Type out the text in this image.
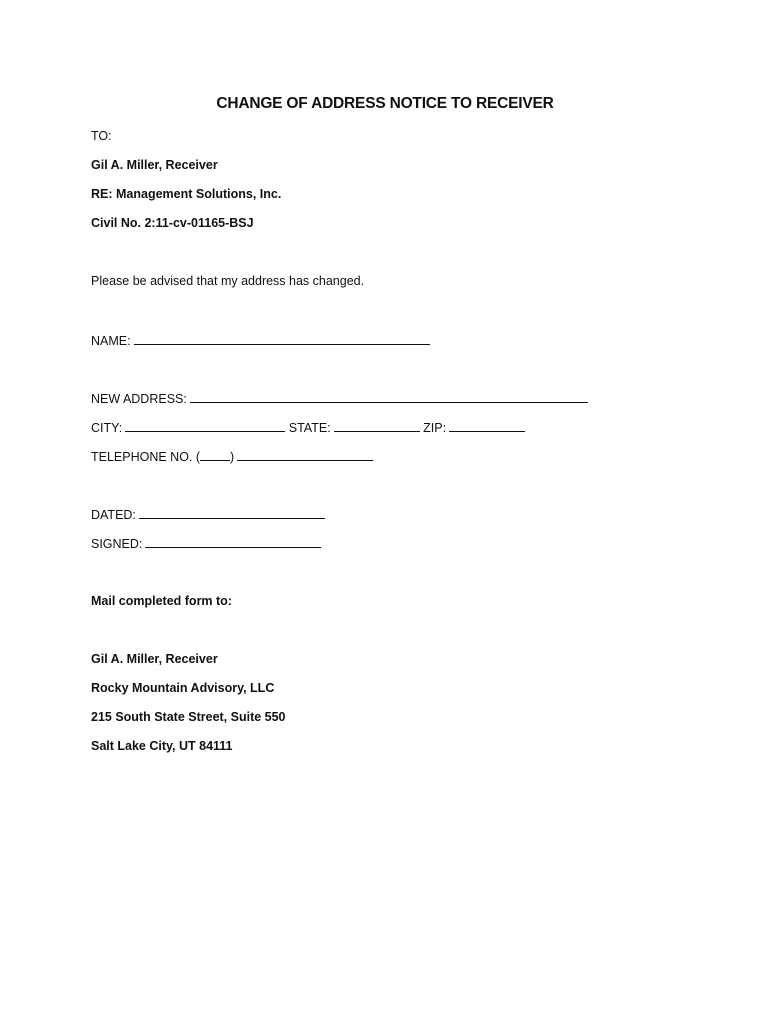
CHANGE OF ADDRESS NOTICE TO RECEIVER
TO:
Gil A. Miller, Receiver
RE: Management Solutions, Inc.
Civil No. 2:11-cv-01165-BSJ
Please be advised that my address has changed.
NAME:
NEW ADDRESS:
CITY:	STATE:	ZIP:
TELEPHONE NO. ( )
DATED:
SIGNED:
Mail completed form to:
Gil A. Miller, Receiver
Rocky Mountain Advisory, LLC
215 South State Street, Suite 550
Salt Lake City, UT 84111
